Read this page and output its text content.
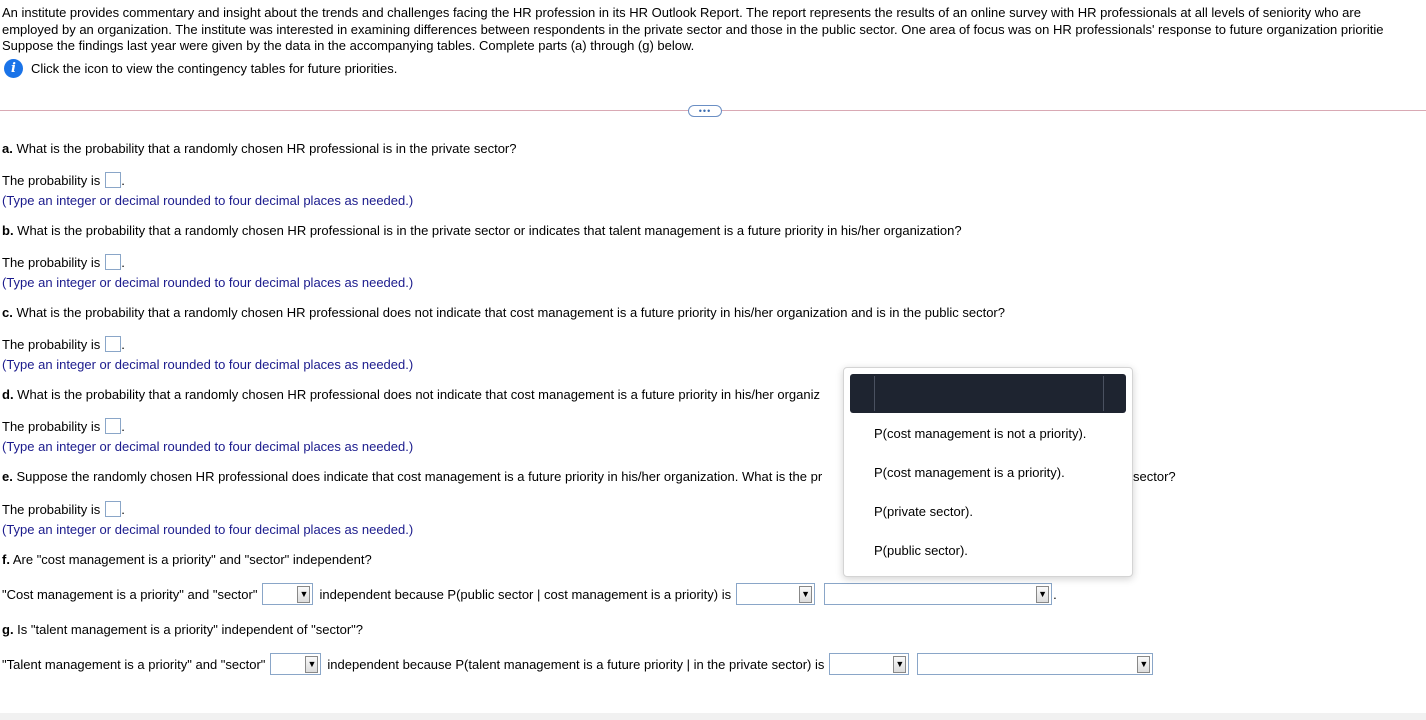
An institute provides commentary and insight about the trends and challenges facing the HR profession in its HR Outlook Report. The report represents the results of an online survey with HR professionals at all levels of seniority who are
employed by an organization. The institute was interested in examining differences between respondents in the private sector and those in the public sector. One area of focus was on HR professionals' response to future organization prioritie
Suppose the findings last year were given by the data in the accompanying tables. Complete parts (a) through (g) below.
i	Click the icon to view the contingency tables for future priorities.
•••
a. What is the probability that a randomly chosen HR professional is in the private sector?
The probability is .
(Type an integer or decimal rounded to four decimal places as needed.)
b. What is the probability that a randomly chosen HR professional is in the private sector or indicates that talent management is a future priority in his/her organization?
The probability is .
(Type an integer or decimal rounded to four decimal places as needed.)
c. What is the probability that a randomly chosen HR professional does not indicate that cost management is a future priority in his/her organization and is in the public sector?
The probability is .
(Type an integer or decimal rounded to four decimal places as needed.)
d. What is the probability that a randomly chosen HR professional does not indicate that cost management is a future priority in his/her organiz
The probability is .
(Type an integer or decimal rounded to four decimal places as needed.)
e. Suppose the randomly chosen HR professional does indicate that cost management is a future priority in his/her organization. What is the pr	sector?
The probability is .
(Type an integer or decimal rounded to four decimal places as needed.)
f. Are "cost management is a priority" and "sector" independent?
"Cost management is a priority" and "sector"	▼ independent because P(public sector | cost management is a priority) is	▼	▼ .
g. Is "talent management is a priority" independent of "sector"?
"Talent management is a priority" and "sector"	▼ independent because P(talent management is a future priority | in the private sector) is	▼	▼
P(cost management is not a priority).
P(cost management is a priority).
P(private sector).
P(public sector).
